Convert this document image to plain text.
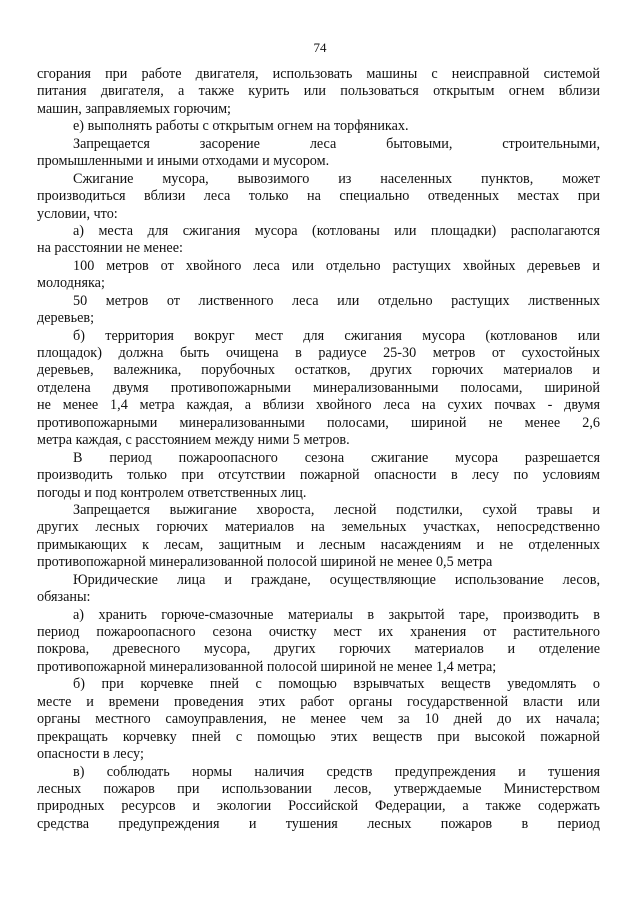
74
сгорания при работе двигателя, использовать машины с неисправной системой
питания двигателя, а также курить или пользоваться открытым огнем вблизи
машин, заправляемых горючим;
е) выполнять работы с открытым огнем на торфяниках.
Запрещается засорение леса бытовыми, строительными,
промышленными и иными отходами и мусором.
Сжигание мусора, вывозимого из населенных пунктов, может
производиться вблизи леса только на специально отведенных местах при
условии, что:
а) места для сжигания мусора (котлованы или площадки) располагаются
на расстоянии не менее:
100 метров от хвойного леса или отдельно растущих хвойных деревьев и
молодняка;
50 метров от лиственного леса или отдельно растущих лиственных
деревьев;
б) территория вокруг мест для сжигания мусора (котлованов или
площадок) должна быть очищена в радиусе 25-30 метров от сухостойных
деревьев, валежника, порубочных остатков, других горючих материалов и
отделена двумя противопожарными минерализованными полосами, шириной
не менее 1,4 метра каждая, а вблизи хвойного леса на сухих почвах - двумя
противопожарными минерализованными полосами, шириной не менее 2,6
метра каждая, с расстоянием между ними 5 метров.
В период пожароопасного сезона сжигание мусора разрешается
производить только при отсутствии пожарной опасности в лесу по условиям
погоды и под контролем ответственных лиц.
Запрещается выжигание хвороста, лесной подстилки, сухой травы и
других лесных горючих материалов на земельных участках, непосредственно
примыкающих к лесам, защитным и лесным насаждениям и не отделенных
противопожарной минерализованной полосой шириной не менее 0,5 метра
Юридические лица и граждане, осуществляющие использование лесов,
обязаны:
а) хранить горюче-смазочные материалы в закрытой таре, производить в
период пожароопасного сезона очистку мест их хранения от растительного
покрова, древесного мусора, других горючих материалов и отделение
противопожарной минерализованной полосой шириной не менее 1,4 метра;
б) при корчевке пней с помощью взрывчатых веществ уведомлять о
месте и времени проведения этих работ органы государственной власти или
органы местного самоуправления, не менее чем за 10 дней до их начала;
прекращать корчевку пней с помощью этих веществ при высокой пожарной
опасности в лесу;
в) соблюдать нормы наличия средств предупреждения и тушения
лесных пожаров при использовании лесов, утверждаемые Министерством
природных ресурсов и экологии Российской Федерации, а также содержать
средства предупреждения и тушения лесных пожаров в период
